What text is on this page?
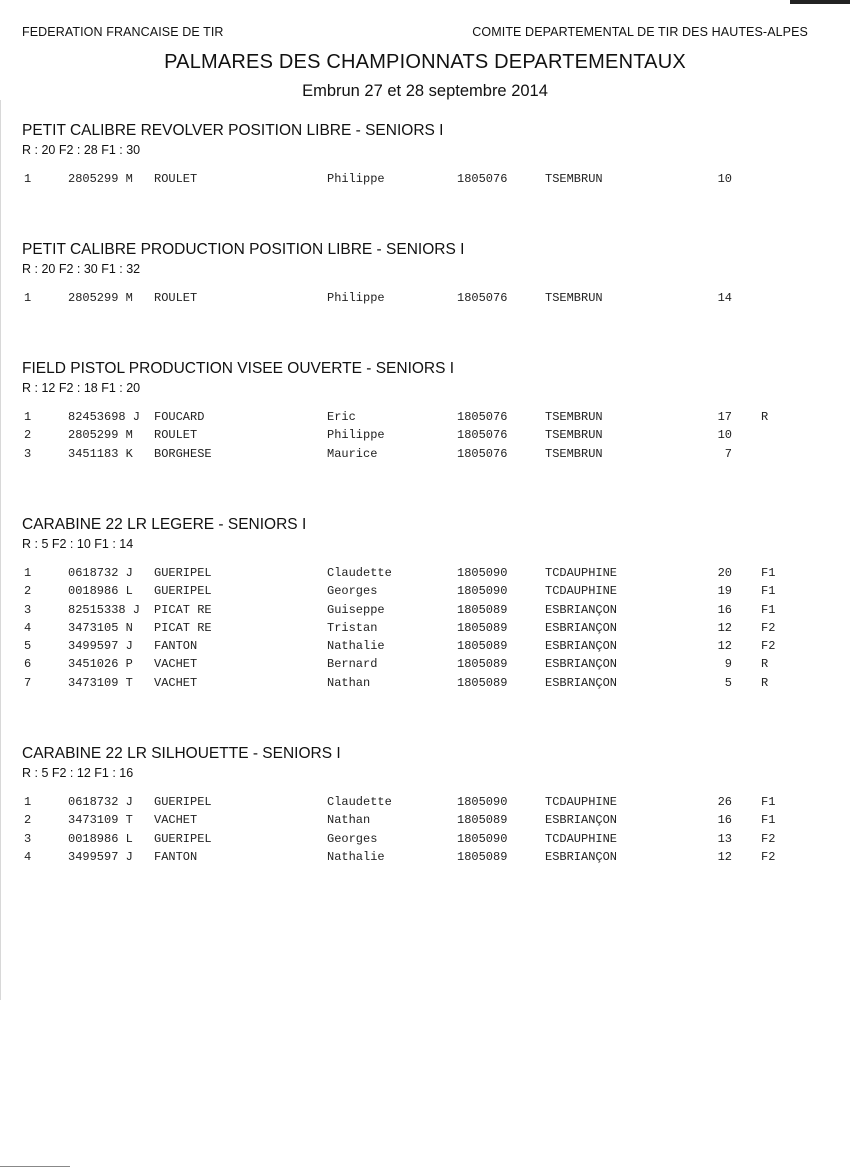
FEDERATION FRANCAISE DE TIR	COMITE DEPARTEMENTAL DE TIR DES HAUTES-ALPES
PALMARES DES CHAMPIONNATS DEPARTEMENTAUX
Embrun 27 et 28 septembre 2014

PETIT CALIBRE REVOLVER POSITION LIBRE - SENIORS I

R : 20 F2 : 28 F1 : 30

1	2805299 M ROULET	Philippe	1805076	TSEMBRUN	10

PETIT CALIBRE PRODUCTION POSITION LIBRE - SENIORS I

R : 20 F2 : 30 F1 : 32

1	2805299 M ROULET	Philippe	1805076	TSEMBRUN	14

FIELD PISTOL PRODUCTION VISEE OUVERTE - SENIORS I

R : 12 F2 : 18 F1 : 20

1	82453698 J FOUCARD	Eric	1805076	TSEMBRUN	17 R
2	2805299 M ROULET	Philippe	1805076	TSEMBRUN	10
3	3451183 K BORGHESE	Maurice	1805076	TSEMBRUN	7

CARABINE 22 LR LEGERE - SENIORS I

R : 5 F2 : 10 F1 : 14

1	0618732 J GUERIPEL	Claudette	1805090	TCDAUPHINE	20 F1
2	0018986 L GUERIPEL	Georges	1805090	TCDAUPHINE	19 F1
3	82515338 J PICAT RE	Guiseppe	1805089	ESBRIANÇON	16 F1
4	3473105 N PICAT RE	Tristan	1805089	ESBRIANÇON	12 F2
5	3499597 J FANTON	Nathalie	1805089	ESBRIANÇON	12 F2
6	3451026 P VACHET	Bernard	1805089	ESBRIANÇON	9 R
7	3473109 T VACHET	Nathan	1805089	ESBRIANÇON	5 R

CARABINE 22 LR SILHOUETTE - SENIORS I

R : 5 F2 : 12 F1 : 16

1	0618732 J GUERIPEL	Claudette	1805090	TCDAUPHINE	26 F1
2	3473109 T VACHET	Nathan	1805089	ESBRIANÇON	16 F1
3	0018986 L GUERIPEL	Georges	1805090	TCDAUPHINE	13 F2
4	3499597 J FANTON	Nathalie	1805089	ESBRIANÇON	12 F2
